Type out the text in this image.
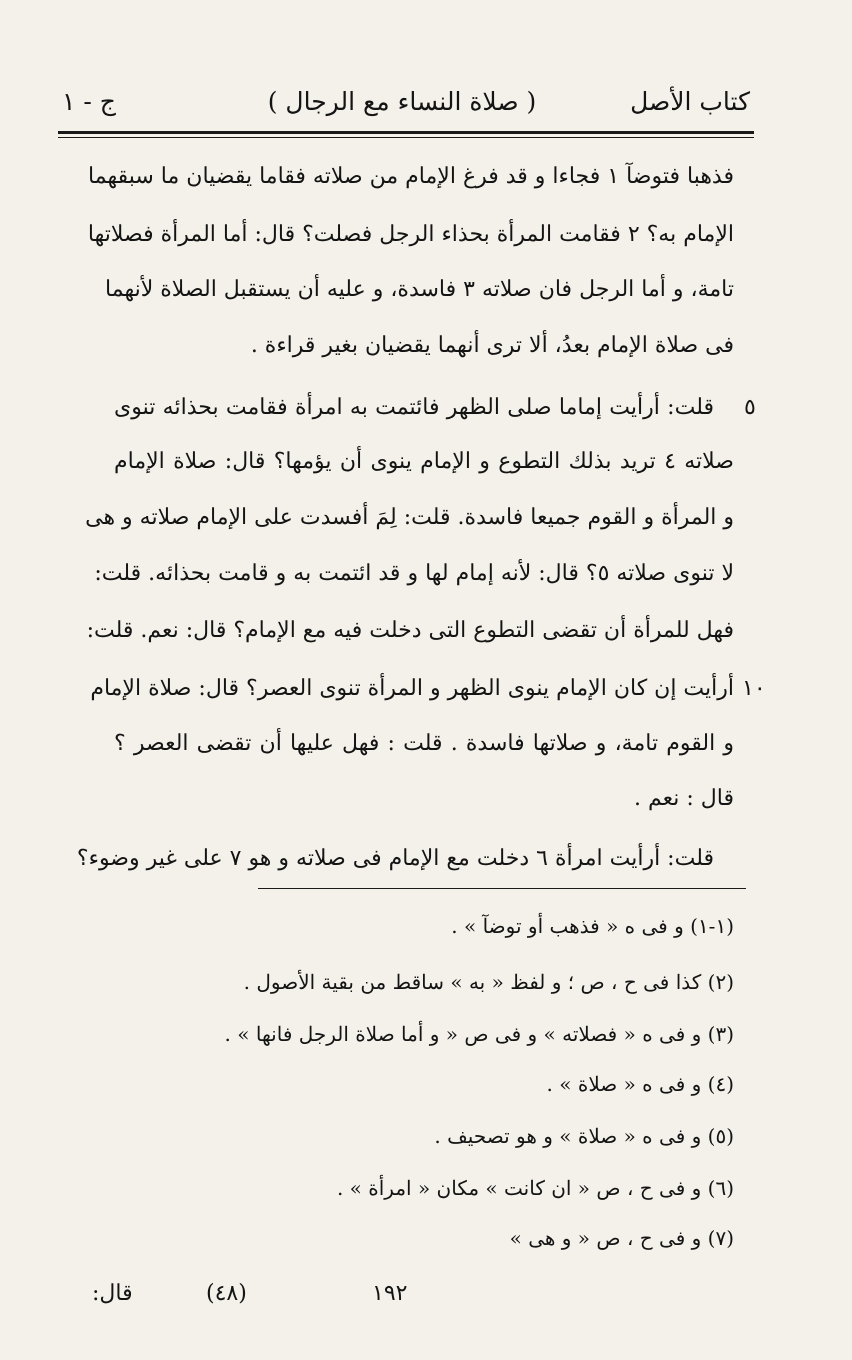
كتاب الأصل
( صلاة النساء مع الرجال )
ج - ١
فذهبا فتوضآ ١ فجاءا و قد فرغ الإمام من صلاته فقاما يقضيان ما سبقهما
الإمام به؟ ٢ فقامت المرأة بحذاء الرجل فصلت؟ قال: أما المرأة فصلاتها
تامة، و أما الرجل فان صلاته ٣ فاسدة، و عليه أن يستقبل الصلاة لأنهما
فى صلاة الإمام بعدُ، ألا ترى أنهما يقضيان بغير قراءة .
٥
قلت: أرأيت إماما صلى الظهر فائتمت به امرأة فقامت بحذائه تنوى
صلاته ٤ تريد بذلك التطوع و الإمام ينوى أن يؤمها؟ قال: صلاة الإمام
و المرأة و القوم جميعا فاسدة. قلت: لِمَ أفسدت على الإمام صلاته و هى
لا تنوى صلاته ٥؟ قال: لأنه إمام لها و قد ائتمت به و قامت بحذائه. قلت:
فهل للمرأة أن تقضى التطوع التى دخلت فيه مع الإمام؟ قال: نعم. قلت:
١٠
أرأيت إن كان الإمام ينوى الظهر و المرأة تنوى العصر؟ قال: صلاة الإمام
و القوم تامة، و صلاتها فاسدة . قلت : فهل عليها أن تقضى العصر ؟
قال : نعم .
قلت: أرأيت امرأة ٦ دخلت مع الإمام فى صلاته و هو ٧ على غير وضوء؟
(١-١) و فى ه « فذهب أو توضآ » .
(٢) كذا فى ح ، ص ؛ و لفظ « به » ساقط من بقية الأصول .
(٣) و فى ه « فصلاته » و فى ص « و أما صلاة الرجل فانها » .
(٤) و فى ه « صلاة » .
(٥) و فى ه « صلاة » و هو تصحيف .
(٦) و فى ح ، ص « ان كانت » مكان « امرأة » .
(٧) و فى ح ، ص « و هى »
١٩٢
(٤٨)
قال:
